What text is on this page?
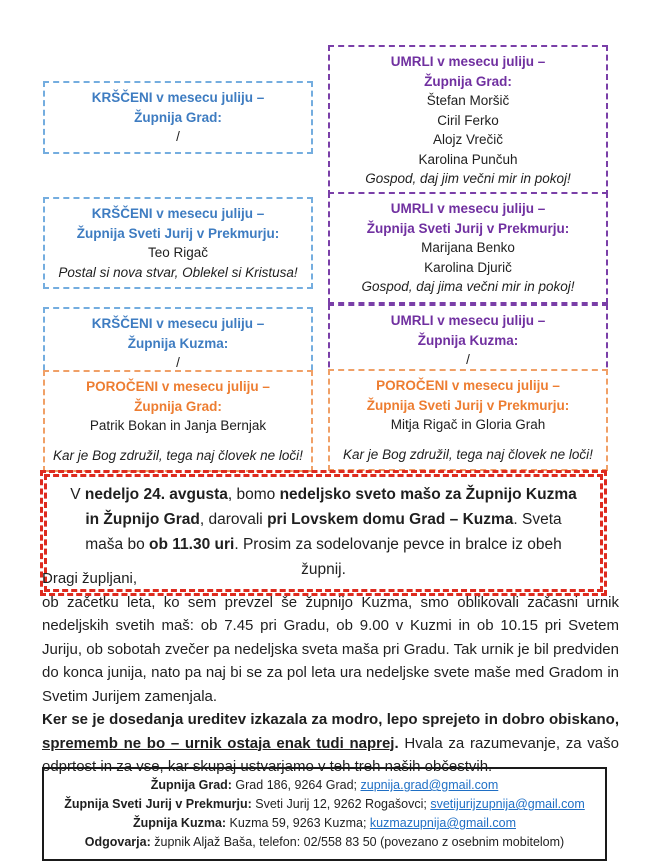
KRŠČENI v mesecu juliju –
Župnija Grad:
/
UMRLI v mesecu juliju –
Župnija Grad:
Štefan Moršič
Ciril Ferko
Alojz Vrečič
Karolina Punčuh
Gospod, daj jim večni mir in pokoj!
KRŠČENI v mesecu juliju –
Župnija Sveti Jurij v Prekmurju:
Teo Rigač
Postal si nova stvar, Oblekel si Kristusa!
UMRLI v mesecu juliju –
Župnija Sveti Jurij v Prekmurju:
Marijana Benko
Karolina Djurič
Gospod, daj jima večni mir in pokoj!
KRŠČENI v mesecu juliju –
Župnija Kuzma:
/
UMRLI v mesecu juliju –
Župnija Kuzma:
/
POROČENI v mesecu juliju –
Župnija Grad:
Patrik Bokan in Janja Bernjak
Kar je Bog združil, tega naj človek ne loči!
POROČENI v mesecu juliju –
Župnija Sveti Jurij v Prekmurju:
Mitja Rigač in Gloria Grah
Kar je Bog združil, tega naj človek ne loči!
V nedeljo 24. avgusta, bomo nedeljsko sveto mašo za Župnijo Kuzma in Župnijo Grad, darovali pri Lovskem domu Grad – Kuzma. Sveta maša bo ob 11.30 uri. Prosim za sodelovanje pevce in bralce iz obeh župnij.

Dragi župljani,

ob začetku leta, ko sem prevzel še župnijo Kuzma, smo oblikovali začasni urnik nedeljskih svetih maš: ob 7.45 pri Gradu, ob 9.00 v Kuzmi in ob 10.15 pri Svetem Juriju, ob sobotah zvečer pa nedeljska sveta maša pri Gradu. Tak urnik je bil predviden do konca junija, nato pa naj bi se za pol leta ura nedeljske svete maše med Gradom in Svetim Jurijem zamenjala.

Ker se je dosedanja ureditev izkazala za modro, lepo sprejeto in dobro obiskano, sprememb ne bo – urnik ostaja enak tudi naprej. Hvala za razumevanje, za vašo odprtost in za vse, kar skupaj ustvarjamo v teh treh naših občestvih.

Župnija Grad: Grad 186, 9264 Grad; zupnija.grad@gmail.com
Župnija Sveti Jurij v Prekmurju: Sveti Jurij 12, 9262 Rogašovci; svetijurijzupnija@gmail.com
Župnija Kuzma: Kuzma 59, 9263 Kuzma; kuzmazupnija@gmail.com
Odgovarja: župnik Aljaž Baša, telefon: 02/558 83 50 (povezano z osebnim mobitelom)
